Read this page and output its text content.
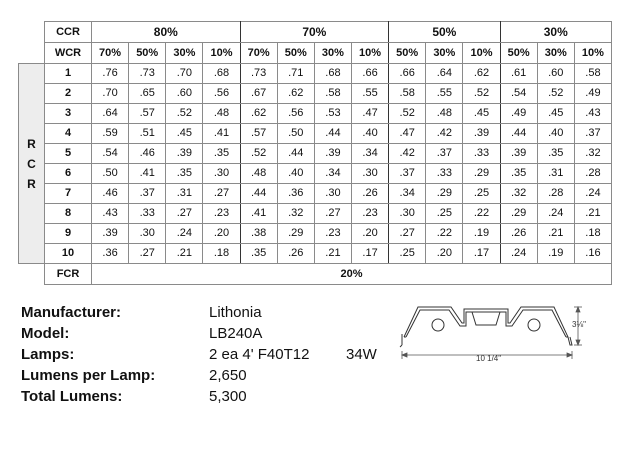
	CCR	80%				70%				50%			30%		
	WCR	70%	50%	30%	10%	70%	50%	30%	10%	50%	30%	10%	50%	30%	10%
RCR	1	.76	.73	.70	.68	.73	.71	.68	.66	.66	.64	.62	.61	.60	.58
	2	.70	.65	.60	.56	.67	.62	.58	.55	.58	.55	.52	.54	.52	.49
	3	.64	.57	.52	.48	.62	.56	.53	.47	.52	.48	.45	.49	.45	.43
	4	.59	.51	.45	.41	.57	.50	.44	.40	.47	.42	.39	.44	.40	.37
	5	.54	.46	.39	.35	.52	.44	.39	.34	.42	.37	.33	.39	.35	.32
	6	.50	.41	.35	.30	.48	.40	.34	.30	.37	.33	.29	.35	.31	.28
	7	.46	.37	.31	.27	.44	.36	.30	.26	.34	.29	.25	.32	.28	.24
	8	.43	.33	.27	.23	.41	.32	.27	.23	.30	.25	.22	.29	.24	.21
	9	.39	.30	.24	.20	.38	.29	.23	.20	.27	.22	.19	.26	.21	.18
	10	.36	.27	.21	.18	.35	.26	.21	.17	.25	.20	.17	.24	.19	.16
	FCR	20%													
Manufacturer:	Lithonia
Model:	LB240A
Lamps:	2 ea 4' F40T12 34W
Lumens per Lamp:	2,650
Total Lumens:	5,300
10 1/4"
3⅛"
